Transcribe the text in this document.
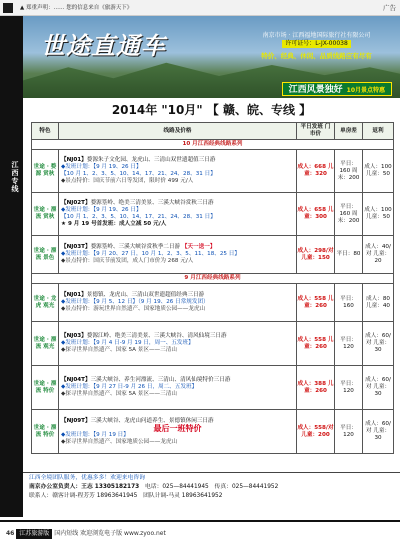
▲ 郑重声明：…… 您的信息来自《旅游天下》	广告
江西专线
世途直通车	南京市场 · 江西福地国际旅行社有限公司
许可证号：L-JX-00038
特价、经典、休闲、品质线路应有尽有
江西风景独好 10月景点特惠
2014年 "10月" 【 赣、皖、专线 】
特色	线路及价格	平日发班 门市价	单房差	返利
10 月江西经典线路系列				
世途 · 婺源 赏秋	【NJ01】婺源朱子文化园、龙虎山、三清山双世遗超值三日游
◆发班计划：【9 月 19、26 日】
【10 月 1、2、3、5、10、14、17、21、24、28、31 日】
◆景点特价：国庆节前六日等发团，限时价 499 元/人	成人：668 儿童：320	平日：160 周末：200	成人：100 儿童：50
世途 · 漂流 赏秋	【NJ02T】婺源篁岭、绝美三清美景、三溪大峡谷赏秋三日游
◆发班计划：【9 月 19、26 日】
【10 月 1、2、3、5、10、14、17、21、24、28、31 日】
★ 9 月 19 号首发班：成人立减 50 元/人	成人：658 儿童：300	平日：160 周末：200	成人：100 儿童：50
世途 · 漂流 景色	【NJ03T】婺源篁岭、三溪大峡谷赏秋季二日游 【天一送一】
◆发班计划：【9 月 20、27 日，10 月 1、2、3、5、11、18、25 日】
◆景点特价：国庆节前发团，成人门市价为 268 元/人	成人：298/对 儿童：150	平日：80	成人：40/对 儿童：20
9 月江西经典线路系列				
世途 · 龙虎 观光	【NJ01】景德镇、龙虎山、三清山双世遗超值经典三日游
◆发班计划：【9 月 5、12 日】（9 月 19、26 日常规发团）
◆景点特价：游玩世界自然遗产、国家地质公园——龙虎山	成人：558 儿童：260	平日：160	成人：80 儿童：40
世途 · 漂流 观光	【NJ03】婺源江岭、绝美三清美景、三溪大峡谷、清风仙境三日游
◆发班计划：【9 月 4 日-9 月 19 日，周一、五发班】
◆探寻世界自然遗产、国家 5A 景区——三清山	成人：558 儿童：260	平日：120	成人：60/对 儿童：30
世途 · 漂流 特价	【NJ04T】三溪大峡谷、养生河漂流、三清山、清风仙境特价三日游
◆发班计划：【9 月 27 日-9 月 26 日，周二、五发班】
◆探寻世界自然遗产、国家 5A 景区——三清山	成人：388 儿童：260	平日：120	成人：60/对 儿童：30
世途 · 漂流 特价	【NJ09T】三溪大峡谷、龙虎山问道养生、景德镇休闲三日游
最后一班特价
◆发班计划：【9 月 19 日】
◆探寻世界自然遗产、国家地质公园——龙虎山	成人：558/对 儿童：200	平日：120	成人：60/对 儿童：30
江西全境团队服务，优惠多多！欢迎来电咨询
南京办公室负责人：王志 13305182173　 电话：025—84441945　 传真：025—84441952
联系人：赣客计调-程芳芳 18963641945　 团队计调-马灵 18963641952
46 江苏旅游版 国内短线 欢迎浏览电子版 www.zyoo.net
